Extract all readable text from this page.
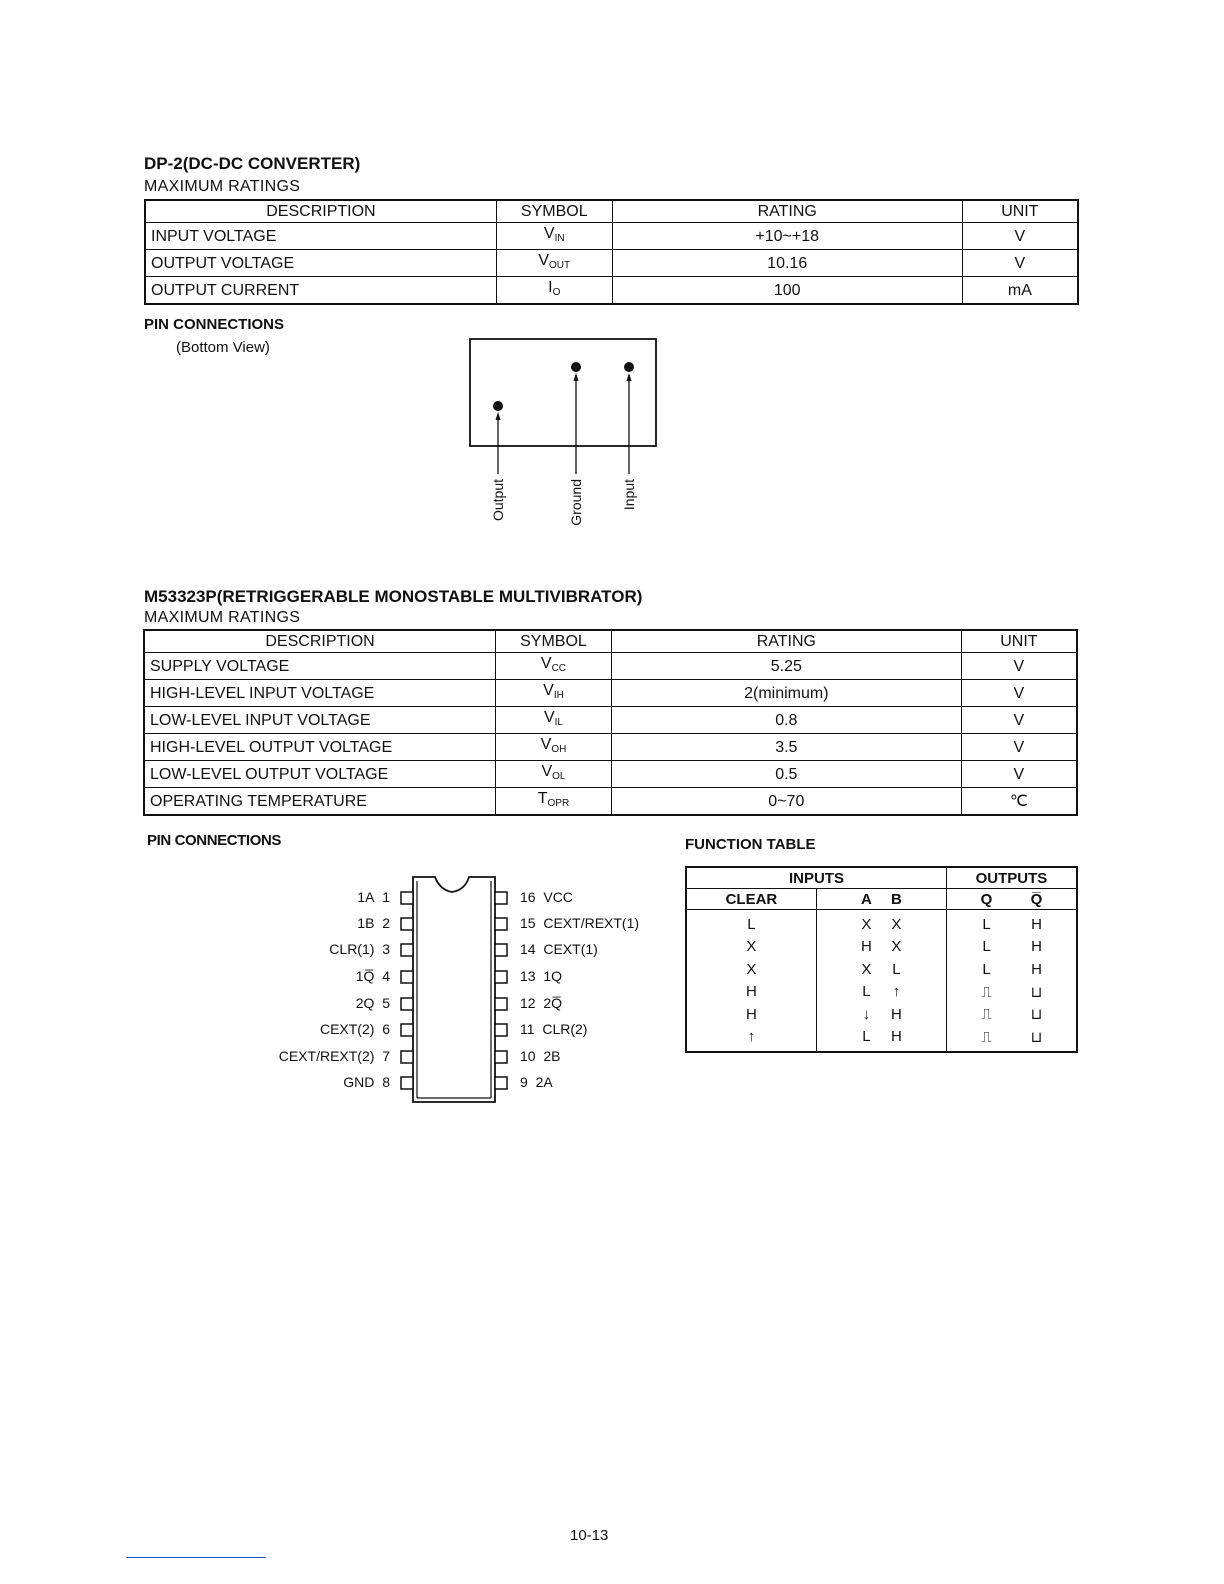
DP-2(DC-DC CONVERTER)
MAXIMUM RATINGS
DESCRIPTION	SYMBOL	RATING	UNIT
INPUT VOLTAGE	$V_{IN}$	+10~+18	V
OUTPUT VOLTAGE	$V_{OUT}$	10.16	V
OUTPUT CURRENT	$I_O$	100	mA
PIN CONNECTIONS
(Bottom View)
Output	Ground	Input
M53323P(RETRIGGERABLE MONOSTABLE MULTIVIBRATOR)
MAXIMUM RATINGS
DESCRIPTION	SYMBOL	RATING	UNIT
SUPPLY VOLTAGE	$V_{CC}$	5.25	V
HIGH-LEVEL INPUT VOLTAGE	$V_{IH}$	2(minimum)	V
LOW-LEVEL INPUT VOLTAGE	$V_{IL}$	0.8	V
HIGH-LEVEL OUTPUT VOLTAGE	$V_{OH}$	3.5	V
LOW-LEVEL OUTPUT VOLTAGE	$V_{OL}$	0.5	V
OPERATING TEMPERATURE	$T_{OPR}$	0~70	℃
PIN CONNECTIONS
1A 1
1B 2
CLR(1) 3
1Q̅ 4
2Q 5
CEXT(2) 6
CEXT/REXT(2) 7
GND 8
16 VCC
15 CEXT/REXT(1)
14 CEXT(1)
13 1Q
12 2Q̅
11 CLR(2)
10 2B
9 2A
FUNCTION TABLE
INPUTS		OUTPUTS
CLEAR	A B	Q Q̅
L	X X	L H
X	H X	L H
X	X L	L H
H	L ↑	⎍ ⊔
H	↓ H	⎍ ⊔
↑	L H	⎍ ⊔
10-13
